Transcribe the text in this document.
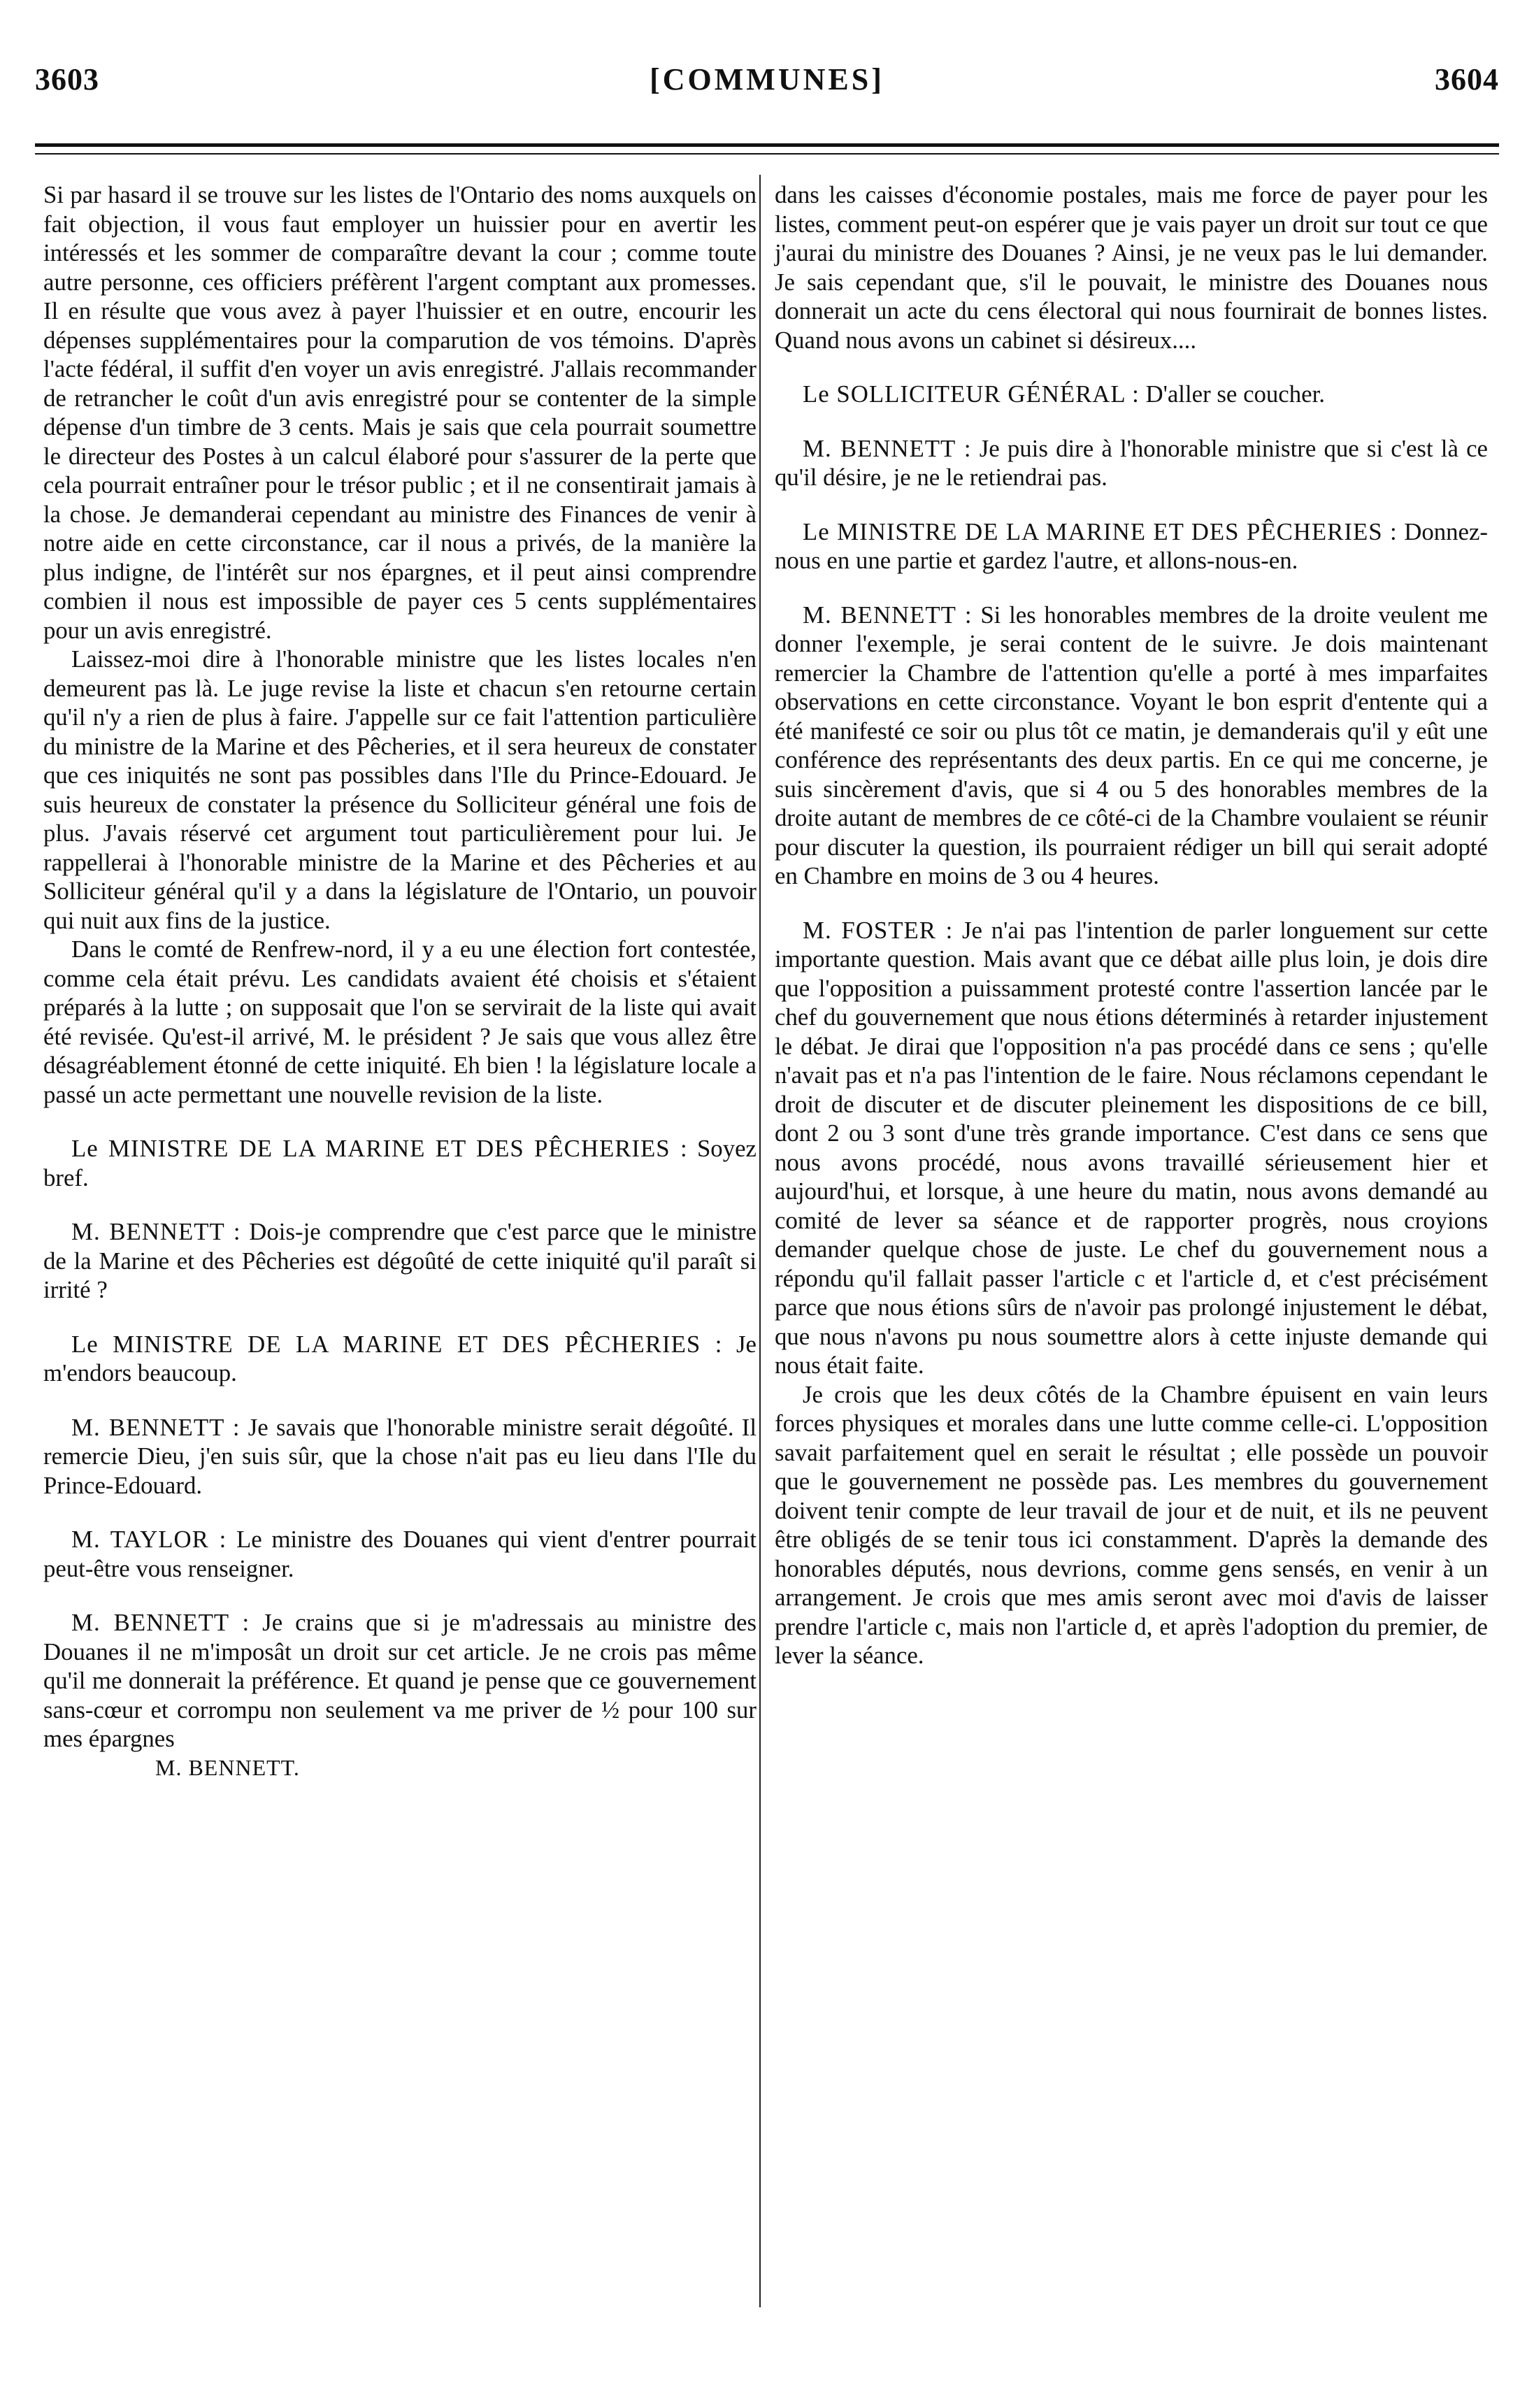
[COMMUNES]
3603	3604

Si par hasard il se trouve sur les listes de l'Ontario des noms auxquels on fait objection, il vous faut employer un huissier pour en avertir les intéressés et les sommer de comparaître devant la cour ; comme toute autre personne, ces officiers préfèrent l'argent comptant aux promesses. Il en résulte que vous avez à payer l'huissier et en outre, encourir les dépenses supplémentaires pour la comparution de vos témoins. D'après l'acte fédéral, il suffit d'en voyer un avis enregistré. J'allais recommander de retrancher le coût d'un avis enregistré pour se contenter de la simple dépense d'un timbre de 3 cents. Mais je sais que cela pourrait soumettre le directeur des Postes à un calcul élaboré pour s'assurer de la perte que cela pourrait entraîner pour le trésor public ; et il ne consentirait jamais à la chose. Je demanderai cependant au ministre des Finances de venir à notre aide en cette circonstance, car il nous a privés, de la manière la plus indigne, de l'intérêt sur nos épargnes, et il peut ainsi comprendre combien il nous est impossible de payer ces 5 cents supplémentaires pour un avis enregistré.

Laissez-moi dire à l'honorable ministre que les listes locales n'en demeurent pas là. Le juge revise la liste et chacun s'en retourne certain qu'il n'y a rien de plus à faire. J'appelle sur ce fait l'attention particulière du ministre de la Marine et des Pêcheries, et il sera heureux de constater que ces iniquités ne sont pas possibles dans l'Ile du Prince-Edouard. Je suis heureux de constater la présence du Solliciteur général une fois de plus. J'avais réservé cet argument tout particulièrement pour lui. Je rappellerai à l'honorable ministre de la Marine et des Pêcheries et au Solliciteur général qu'il y a dans la législature de l'Ontario, un pouvoir qui nuit aux fins de la justice.

Dans le comté de Renfrew-nord, il y a eu une élection fort contestée, comme cela était prévu. Les candidats avaient été choisis et s'étaient préparés à la lutte ; on supposait que l'on se servirait de la liste qui avait été revisée. Qu'est-il arrivé, M. le président ? Je sais que vous allez être désagréablement étonné de cette iniquité. Eh bien ! la législature locale a passé un acte permettant une nouvelle revision de la liste.

Le MINISTRE DE LA MARINE ET DES PÊCHERIES : Soyez bref.

M. BENNETT : Dois-je comprendre que c'est parce que le ministre de la Marine et des Pêcheries est dégoûté de cette iniquité qu'il paraît si irrité ?

Le MINISTRE DE LA MARINE ET DES PÊCHERIES : Je m'endors beaucoup.

M. BENNETT : Je savais que l'honorable ministre serait dégoûté. Il remercie Dieu, j'en suis sûr, que la chose n'ait pas eu lieu dans l'Ile du Prince-Edouard.

M. TAYLOR : Le ministre des Douanes qui vient d'entrer pourrait peut-être vous renseigner.

M. BENNETT : Je crains que si je m'adressais au ministre des Douanes il ne m'imposât un droit sur cet article. Je ne crois pas même qu'il me donnerait la préférence. Et quand je pense que ce gouvernement sans-cœur et corrompu non seulement va me priver de ½ pour 100 sur mes épargnes

M. BENNETT.

dans les caisses d'économie postales, mais me force de payer pour les listes, comment peut-on espérer que je vais payer un droit sur tout ce que j'aurai du ministre des Douanes ? Ainsi, je ne veux pas le lui demander. Je sais cependant que, s'il le pouvait, le ministre des Douanes nous donnerait un acte du cens électoral qui nous fournirait de bonnes listes. Quand nous avons un cabinet si désireux....

Le SOLLICITEUR GÉNÉRAL : D'aller se coucher.

M. BENNETT : Je puis dire à l'honorable ministre que si c'est là ce qu'il désire, je ne le retiendrai pas.

Le MINISTRE DE LA MARINE ET DES PÊCHERIES : Donnez-nous en une partie et gardez l'autre, et allons-nous-en.

M. BENNETT : Si les honorables membres de la droite veulent me donner l'exemple, je serai content de le suivre. Je dois maintenant remercier la Chambre de l'attention qu'elle a porté à mes imparfaites observations en cette circonstance. Voyant le bon esprit d'entente qui a été manifesté ce soir ou plus tôt ce matin, je demanderais qu'il y eût une conférence des représentants des deux partis. En ce qui me concerne, je suis sincèrement d'avis, que si 4 ou 5 des honorables membres de la droite autant de membres de ce côté-ci de la Chambre voulaient se réunir pour discuter la question, ils pourraient rédiger un bill qui serait adopté en Chambre en moins de 3 ou 4 heures.

M. FOSTER : Je n'ai pas l'intention de parler longuement sur cette importante question. Mais avant que ce débat aille plus loin, je dois dire que l'opposition a puissamment protesté contre l'assertion lancée par le chef du gouvernement que nous étions déterminés à retarder injustement le débat. Je dirai que l'opposition n'a pas procédé dans ce sens ; qu'elle n'avait pas et n'a pas l'intention de le faire. Nous réclamons cependant le droit de discuter et de discuter pleinement les dispositions de ce bill, dont 2 ou 3 sont d'une très grande importance. C'est dans ce sens que nous avons procédé, nous avons travaillé sérieusement hier et aujourd'hui, et lorsque, à une heure du matin, nous avons demandé au comité de lever sa séance et de rapporter progrès, nous croyions demander quelque chose de juste. Le chef du gouvernement nous a répondu qu'il fallait passer l'article c et l'article d, et c'est précisément parce que nous étions sûrs de n'avoir pas prolongé injustement le débat, que nous n'avons pu nous soumettre alors à cette injuste demande qui nous était faite.

Je crois que les deux côtés de la Chambre épuisent en vain leurs forces physiques et morales dans une lutte comme celle-ci. L'opposition savait parfaitement quel en serait le résultat ; elle possède un pouvoir que le gouvernement ne possède pas. Les membres du gouvernement doivent tenir compte de leur travail de jour et de nuit, et ils ne peuvent être obligés de se tenir tous ici constamment. D'après la demande des honorables députés, nous devrions, comme gens sensés, en venir à un arrangement. Je crois que mes amis seront avec moi d'avis de laisser prendre l'article c, mais non l'article d, et après l'adoption du premier, de lever la séance.
